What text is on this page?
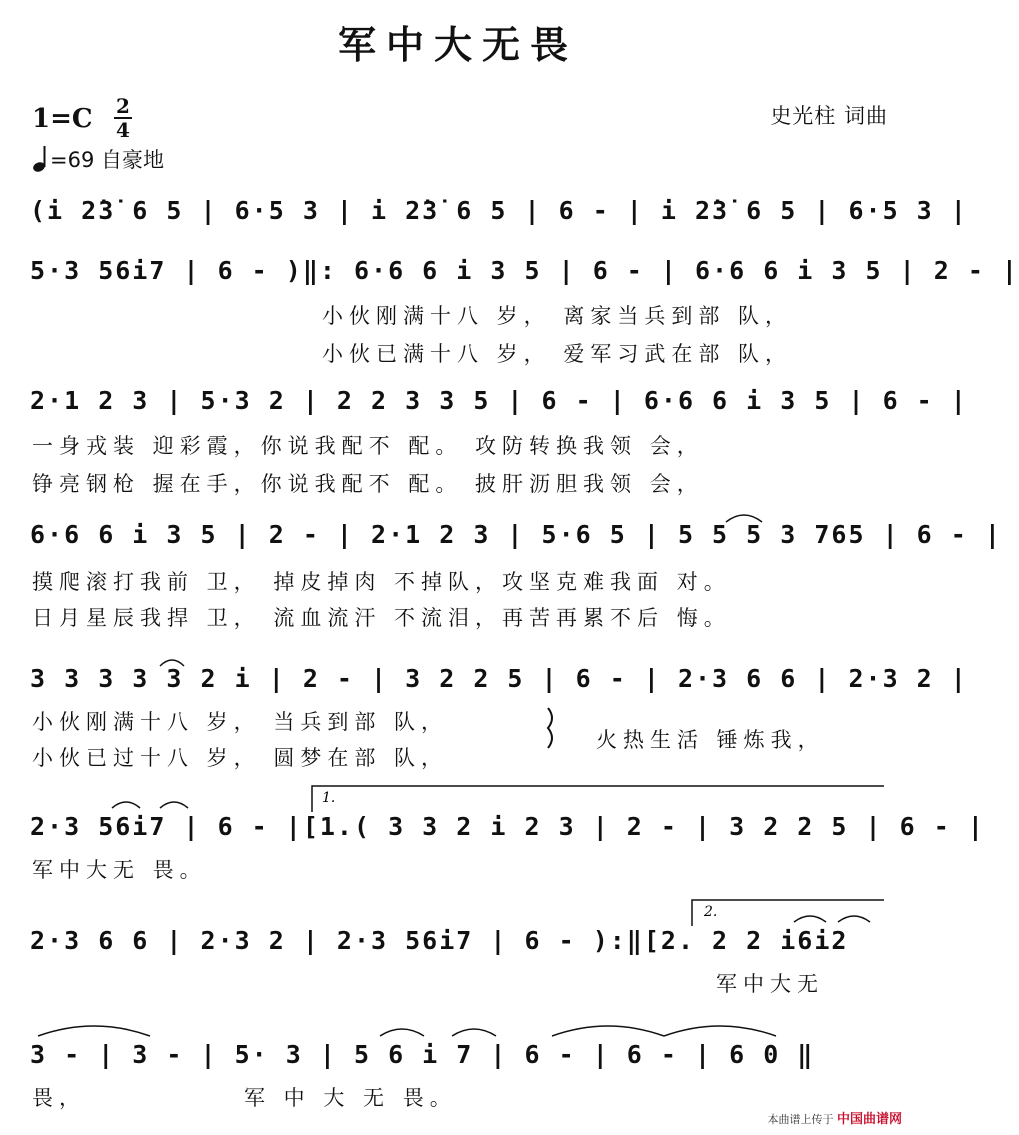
军中大无畏
1=C 2
4
=69 自豪地
史光柱 词曲
(i 2̇3̇ 6 5 | 6·5 3 | i 2̇3̇ 6 5 | 6 - | i 2̇3̇ 6 5 | 6·5 3 |
5·3 56i7 | 6 - )‖: 6·6 6 i 3 5 | 6 - | 6·6 6 i 3 5 | 2 - |
小伙刚满十八 岁， 离家当兵到部 队，
小伙已满十八 岁， 爱军习武在部 队，
2·1 2 3 | 5·3 2 | 2 2 3 3 5 | 6 - | 6·6 6 i 3 5 | 6 - |
一身戎装 迎彩霞，你说我配不 配。 攻防转换我领 会，
铮亮钢枪 握在手，你说我配不 配。 披肝沥胆我领 会，
6·6 6 i 3 5 | 2 - | 2·1 2 3 | 5·6 5 | 5 5 5 3 765 | 6 - |
摸爬滚打我前 卫， 掉皮掉肉 不掉队，攻坚克难我面 对。
日月星辰我捍 卫， 流血流汗 不流泪，再苦再累不后 悔。
3 3 3 3 3 2 i | 2 - | 3 2 2 5 | 6 - | 2·3 6 6 | 2·3 2 |
小伙刚满十八 岁， 当兵到部 队，
小伙已过十八 岁， 圆梦在部 队，
火热生活 锤炼我，
2·3 56i7 | 6 - |[1.( 3 3 2 i 2 3 | 2 - | 3 2 2 5 | 6 - |
军中大无 畏。
2·3 6 6 | 2·3 2 | 2·3 56i7 | 6 - ):‖[2. 2 2 i6i2
军中大无
3 - | 3 - | 5· 3 | 5 6 i 7 | 6 - | 6 - | 6 0 ‖
畏，	军 中 大 无 畏。
1.
2.
本曲谱上传于 中国曲谱网
